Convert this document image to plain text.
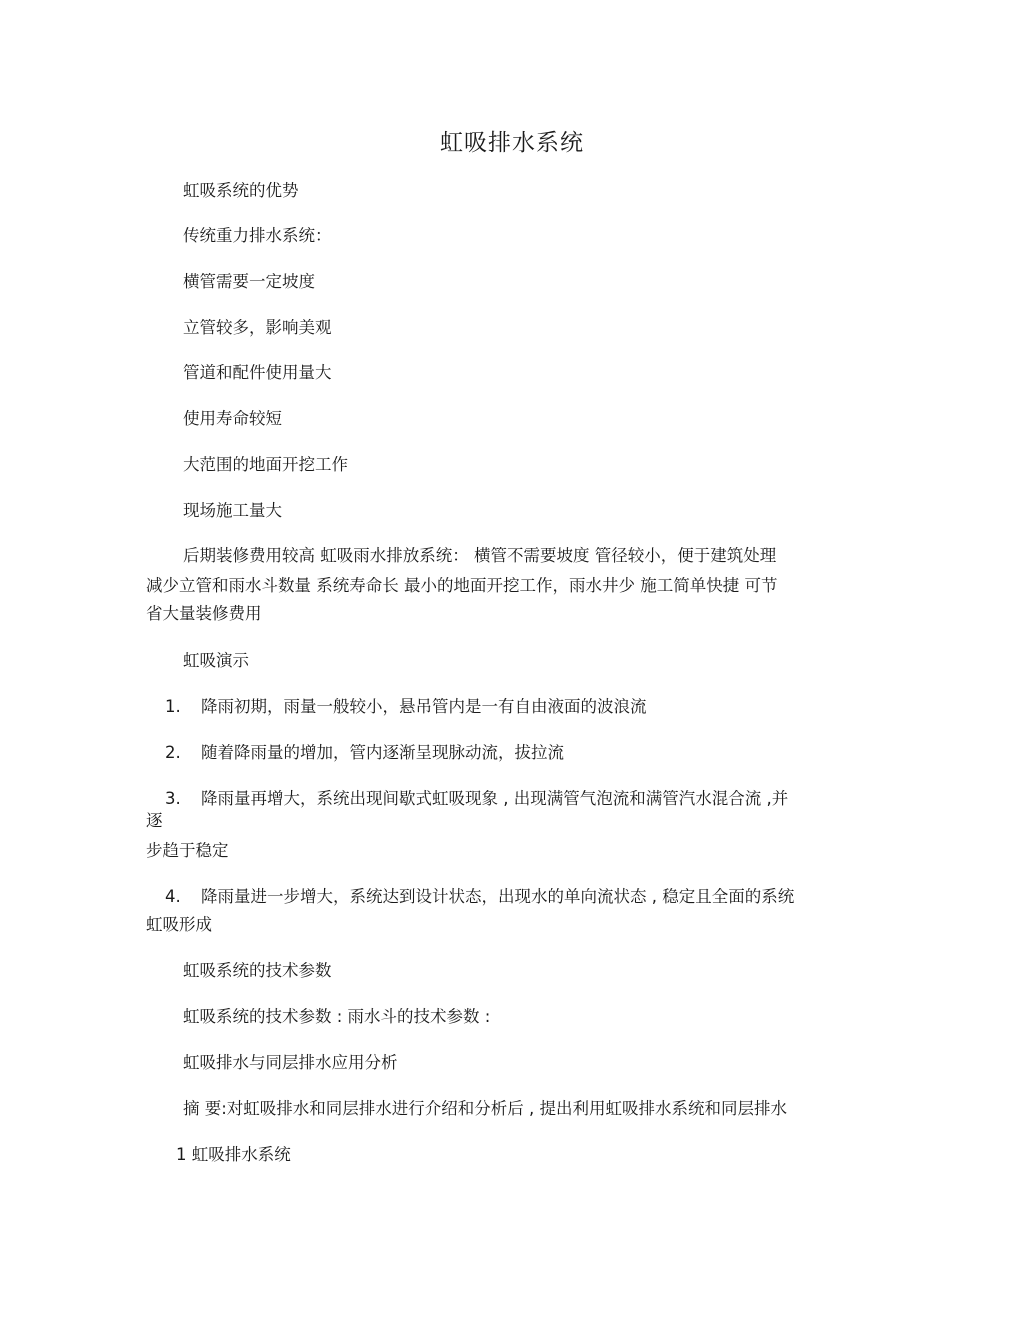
虹吸排水系统
虹吸系统的优势
传统重力排水系统：
横管需要一定坡度
立管较多，影响美观
管道和配件使用量大
使用寿命较短
大范围的地面开挖工作
现场施工量大
后期装修费用较高 虹吸雨水排放系统： 横管不需要坡度 管径较小，便于建筑处理
减少立管和雨水斗数量 系统寿命长 最小的地面开挖工作，雨水井少 施工简单快捷 可节
省大量装修费用
虹吸演示
1. 降雨初期，雨量一般较小，悬吊管内是一有自由液面的波浪流
2. 随着降雨量的增加，管内逐渐呈现脉动流，拔拉流
3. 降雨量再增大，系统出现间歇式虹吸现象 , 出现满管气泡流和满管汽水混合流 ,并
逐
步趋于稳定
4. 降雨量进一步增大，系统达到设计状态，出现水的单向流状态 , 稳定且全面的系统
虹吸形成
虹吸系统的技术参数
虹吸系统的技术参数 : 雨水斗的技术参数 :
虹吸排水与同层排水应用分析
摘 要:对虹吸排水和同层排水进行介绍和分析后 , 提出利用虹吸排水系统和同层排水
1 虹吸排水系统
